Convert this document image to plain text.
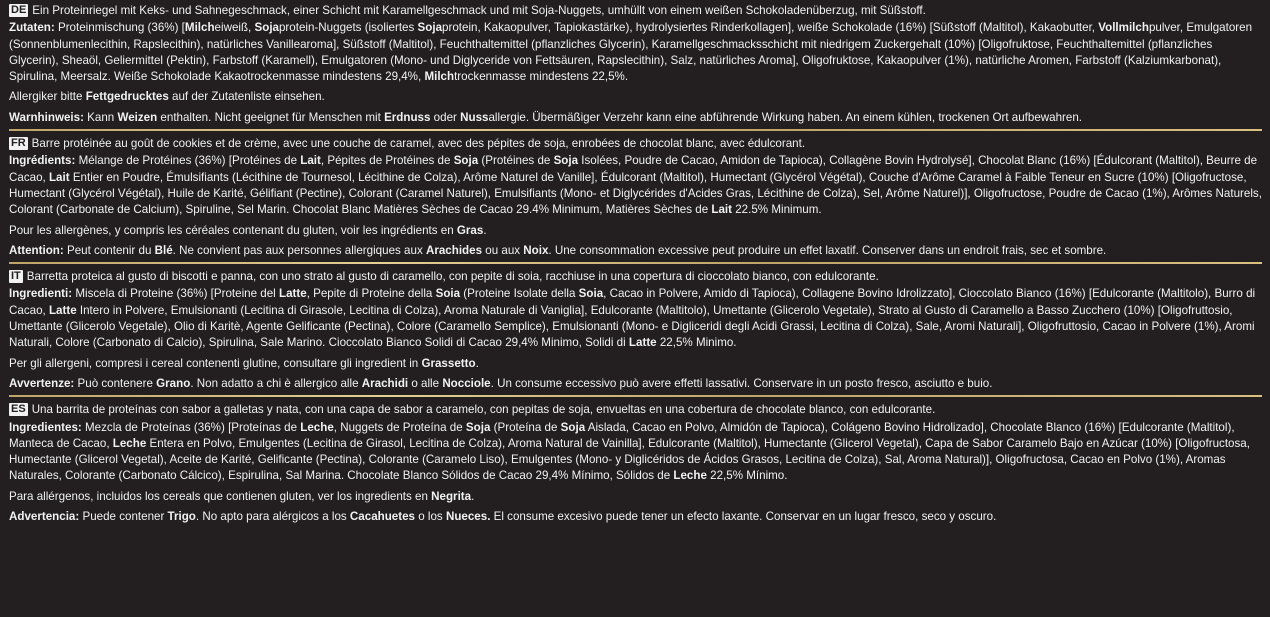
DE Ein Proteinriegel mit Keks- und Sahnegeschmack, einer Schicht mit Karamellgeschmack und mit Soja-Nuggets, umhüllt von einem weißen Schokoladenüberzug, mit Süßstoff.

Zutaten: Proteinmischung (36%) [Milcheiweiß, Sojaprotein-Nuggets (isoliertes Sojaprotein, Kakaopulver, Tapiokastärke), hydrolysiertes Rinderkollagen], weiße Schokolade (16%) [Süßstoff (Maltitol), Kakaobutter, Vollmilchpulver, Emulgatoren (Sonnenblumenlecithin, Rapslecithin), natürliches Vanillearoma], Süßstoff (Maltitol), Feuchthaltemittel (pflanzliches Glycerin), Karamellgeschmacksschicht mit niedrigem Zuckergehalt (10%) [Oligofruktose, Feuchthaltemittel (pflanzliches Glycerin), Sheaöl, Geliermittel (Pektin), Farbstoff (Karamell), Emulgatoren (Mono- und Diglyceride von Fettsäuren, Rapslecithin), Salz, natürliches Aroma], Oligofruktose, Kakaopulver (1%), natürliche Aromen, Farbstoff (Kalziumkarbonat), Spirulina, Meersalz. Weiße Schokolade Kakaotrockenmasse mindestens 29,4%, Milchtrockenmasse mindestens 22,5%.

Allergiker bitte Fettgedrucktes auf der Zutatenliste einsehen.

Warnhinweis: Kann Weizen enthalten. Nicht geeignet für Menschen mit Erdnuss oder Nussallergie. Übermäßiger Verzehr kann eine abführende Wirkung haben. An einem kühlen, trockenen Ort aufbewahren.

FR Barre protéinée au goût de cookies et de crème, avec une couche de caramel, avec des pépites de soja, enrobées de chocolat blanc, avec édulcorant.

Ingrédients: Mélange de Protéines (36%) [Protéines de Lait, Pépites de Protéines de Soja (Protéines de Soja Isolées, Poudre de Cacao, Amidon de Tapioca), Collagène Bovin Hydrolysé], Chocolat Blanc (16%) [Édulcorant (Maltitol), Beurre de Cacao, Lait Entier en Poudre, Émulsifiants (Lécithine de Tournesol, Lécithine de Colza), Arôme Naturel de Vanille], Édulcorant (Maltitol), Humectant (Glycérol Végétal), Couche d'Arôme Caramel à Faible Teneur en Sucre (10%) [Oligofructose, Humectant (Glycérol Végétal), Huile de Karité, Gélifiant (Pectine), Colorant (Caramel Naturel), Emulsifiants (Mono- et Diglycérides d'Acides Gras, Lécithine de Colza), Sel, Arôme Naturel)], Oligofructose, Poudre de Cacao (1%), Arômes Naturels, Colorant (Carbonate de Calcium), Spiruline, Sel Marin. Chocolat Blanc Matières Sèches de Cacao 29.4% Minimum, Matières Sèches de Lait 22.5% Minimum.

Pour les allergènes, y compris les céréales contenant du gluten, voir les ingrédients en Gras.

Attention: Peut contenir du Blé. Ne convient pas aux personnes allergiques aux Arachides ou aux Noix. Une consommation excessive peut produire un effet laxatif. Conserver dans un endroit frais, sec et sombre.

IT Barretta proteica al gusto di biscotti e panna, con uno strato al gusto di caramello, con pepite di soia, racchiuse in una copertura di cioccolato bianco, con edulcorante.

Ingredienti: Miscela di Proteine (36%) [Proteine del Latte, Pepite di Proteine della Soia (Proteine Isolate della Soia, Cacao in Polvere, Amido di Tapioca), Collagene Bovino Idrolizzato], Cioccolato Bianco (16%) [Edulcorante (Maltitolo), Burro di Cacao, Latte Intero in Polvere, Emulsionanti (Lecitina di Girasole, Lecitina di Colza), Aroma Naturale di Vaniglia], Edulcorante (Maltitolo), Umettante (Glicerolo Vegetale), Strato al Gusto di Caramello a Basso Zucchero (10%) [Oligofruttosio, Umettante (Glicerolo Vegetale), Olio di Karitè, Agente Gelificante (Pectina), Colore (Caramello Semplice), Emulsionanti (Mono- e Digliceridi degli Acidi Grassi, Lecitina di Colza), Sale, Aromi Naturali], Oligofruttosio, Cacao in Polvere (1%), Aromi Naturali, Colore (Carbonato di Calcio), Spirulina, Sale Marino. Cioccolato Bianco Solidi di Cacao 29,4% Minimo, Solidi di Latte 22,5% Minimo.

Per gli allergeni, compresi i cereal contenenti glutine, consultare gli ingredient in Grassetto.

Avvertenze: Può contenere Grano. Non adatto a chi è allergico alle Arachidi o alle Nocciole. Un consume eccessivo può avere effetti lassativi. Conservare in un posto fresco, asciutto e buio.

ES Una barrita de proteínas con sabor a galletas y nata, con una capa de sabor a caramelo, con pepitas de soja, envueltas en una cobertura de chocolate blanco, con edulcorante.

Ingredientes: Mezcla de Proteínas (36%) [Proteínas de Leche, Nuggets de Proteína de Soja (Proteína de Soja Aislada, Cacao en Polvo, Almidón de Tapioca), Colágeno Bovino Hidrolizado], Chocolate Blanco (16%) [Edulcorante (Maltitol), Manteca de Cacao, Leche Entera en Polvo, Emulgentes (Lecitina de Girasol, Lecitina de Colza), Aroma Natural de Vainilla], Edulcorante (Maltitol), Humectante (Glicerol Vegetal), Capa de Sabor Caramelo Bajo en Azúcar (10%) [Oligofructosa, Humectante (Glicerol Vegetal), Aceite de Karité, Gelificante (Pectina), Colorante (Caramelo Liso), Emulgentes (Mono- y Diglicéridos de Ácidos Grasos, Lecitina de Colza), Sal, Aroma Natural)], Oligofructosa, Cacao en Polvo (1%), Aromas Naturales, Colorante (Carbonato Cálcico), Espirulina, Sal Marina. Chocolate Blanco Sólidos de Cacao 29,4% Mínimo, Sólidos de Leche 22,5% Mínimo.

Para allérgenos, incluidos los cereals que contienen gluten, ver los ingredients en Negrita.

Advertencia: Puede contener Trigo. No apto para alérgicos a los Cacahuetes o los Nueces. El consume excesivo puede tener un efecto laxante. Conservar en un lugar fresco, seco y oscuro.
